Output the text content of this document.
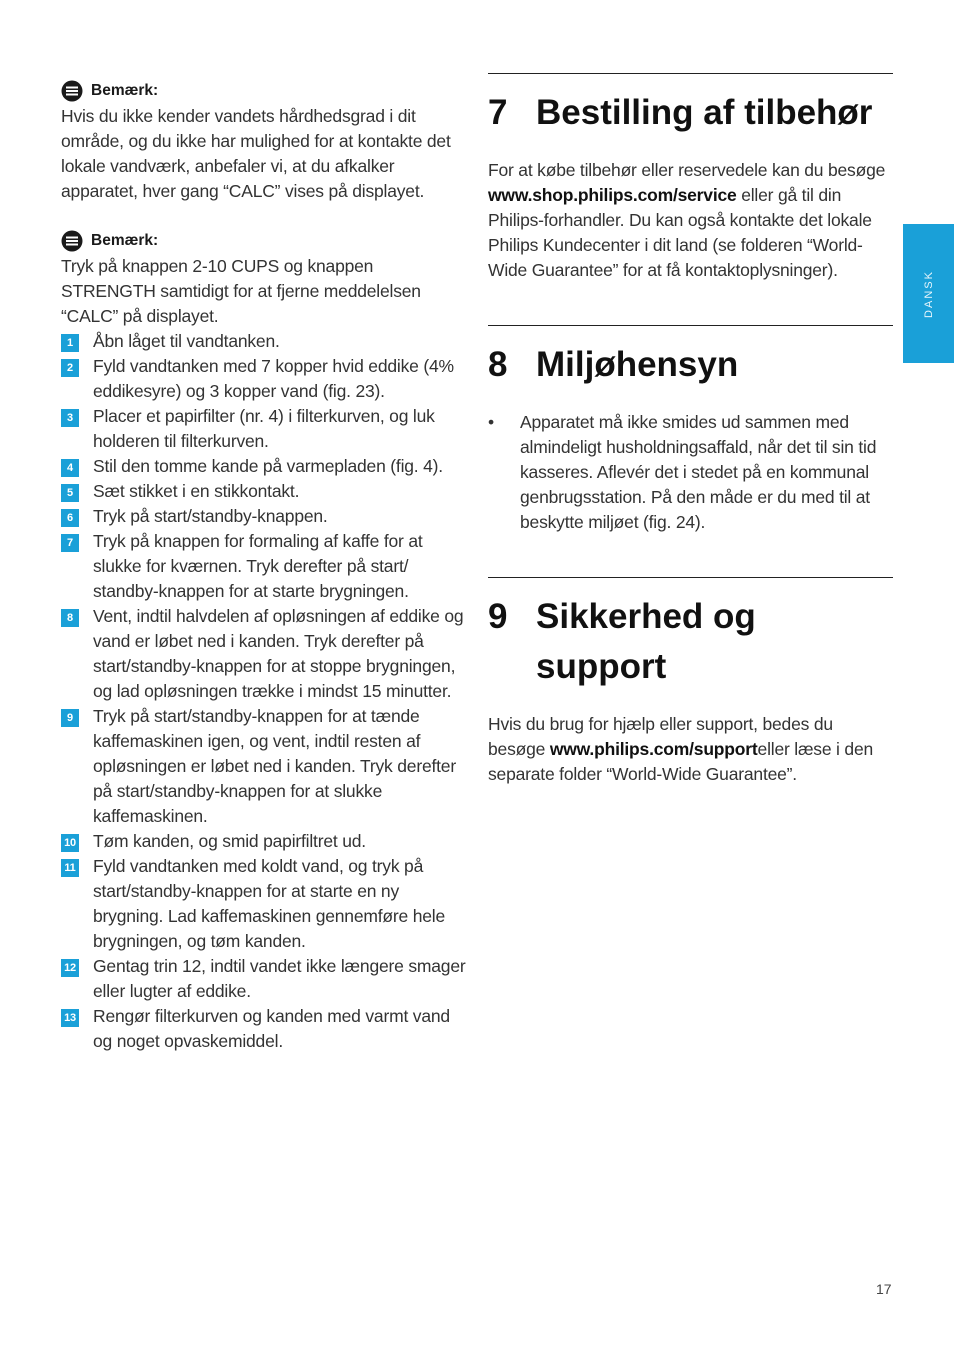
Bemærk:
Hvis du ikke kender vandets hårdhedsgrad i dit område, og du ikke har mulighed for at kontakte det lokale vandværk, anbefaler vi, at du afkalker apparatet, hver gang “CALC” vises på displayet.
Bemærk:
Tryk på knappen 2-10 CUPS og knappen STRENGTH samtidigt for at fjerne meddelelsen “CALC” på displayet.
1	Åbn låget til vandtanken.
2	Fyld vandtanken med 7 kopper hvid eddike (4% eddikesyre) og 3 kopper vand (fig. 23).
3	Placer et papirfilter (nr. 4) i filterkurven, og luk holderen til filterkurven.
4	Stil den tomme kande på varmepladen (fig. 4).
5	Sæt stikket i en stikkontakt.
6	Tryk på start/standby-knappen.
7	Tryk på knappen for formaling af kaffe for at slukke for kværnen. Tryk derefter på start/ standby-knappen for at starte brygningen.
8	Vent, indtil halvdelen af opløsningen af eddike og vand er løbet ned i kanden. Tryk derefter på start/standby-knappen for at stoppe brygningen, og lad opløsningen trække i mindst 15 minutter.
9	Tryk på start/standby-knappen for at tænde kaffemaskinen igen, og vent, indtil resten af opløsningen er løbet ned i kanden. Tryk derefter på start/standby-knappen for at slukke kaffemaskinen.
10 Tøm kanden, og smid papirfiltret ud.
11 Fyld vandtanken med koldt vand, og tryk på start/standby-knappen for at starte en ny brygning. Lad kaffemaskinen gennemføre hele brygningen, og tøm kanden.
12 Gentag trin 12, indtil vandet ikke længere smager eller lugter af eddike.
13 Rengør filterkurven og kanden med varmt vand og noget opvaskemiddel.
7 Bestilling af tilbehør
For at købe tilbehør eller reservedele kan du besøge www.shop.philips.com/service eller gå til din Philips-forhandler. Du kan også kontakte det lokale Philips Kundecenter i dit land (se folderen “World-Wide Guarantee” for at få kontaktoplysninger).
8 Miljøhensyn
• Apparatet må ikke smides ud sammen med almindeligt husholdningsaffald, når det til sin tid kasseres. Aflevér det i stedet på en kommunal genbrugsstation. På den måde er du med til at beskytte miljøet (fig. 24).
9 Sikkerhed og support
Hvis du brug for hjælp eller support, bedes du besøge www.philips.com/supporteller læse i den separate folder “World-Wide Guarantee”.
DANSK
17
